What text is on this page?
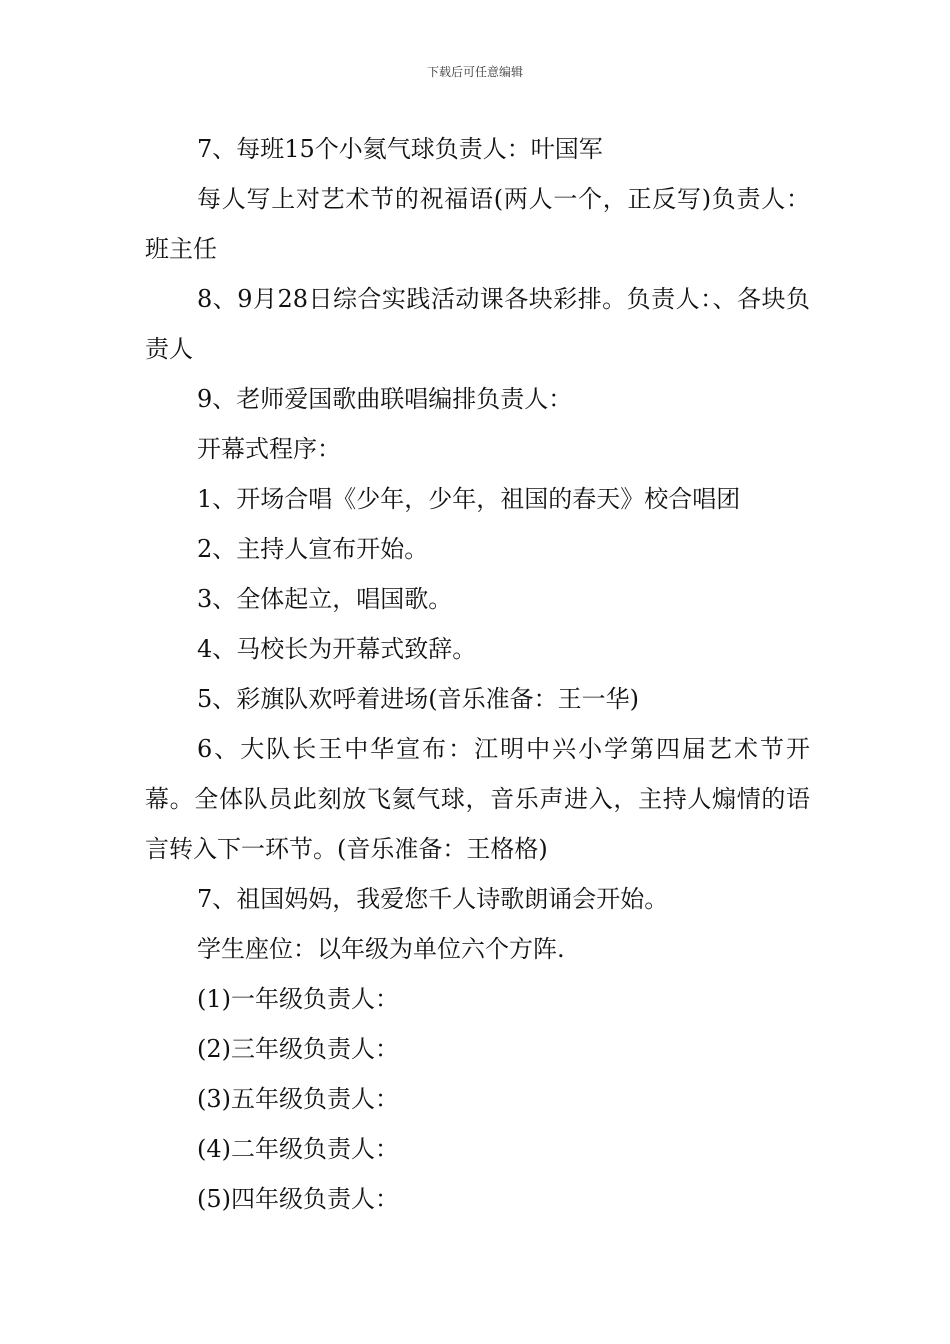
下载后可任意编辑

7、每班15个小氦气球负责人：叶国军

每人写上对艺术节的祝福语(两人一个，正反写)负责人：班主任

8、9月28日综合实践活动课各块彩排。负责人：、各块负责人

9、老师爱国歌曲联唱编排负责人：

开幕式程序：

1、开场合唱《少年，少年，祖国的春天》校合唱团

2、主持人宣布开始。

3、全体起立，唱国歌。

4、马校长为开幕式致辞。

5、彩旗队欢呼着进场(音乐准备：王一华)

6、大队长王中华宣布：江明中兴小学第四届艺术节开幕。全体队员此刻放飞氦气球，音乐声进入，主持人煽情的语言转入下一环节。(音乐准备：王格格)

7、祖国妈妈，我爱您千人诗歌朗诵会开始。

学生座位：以年级为单位六个方阵.

(1)一年级负责人：

(2)三年级负责人：

(3)五年级负责人：

(4)二年级负责人：

(5)四年级负责人：
